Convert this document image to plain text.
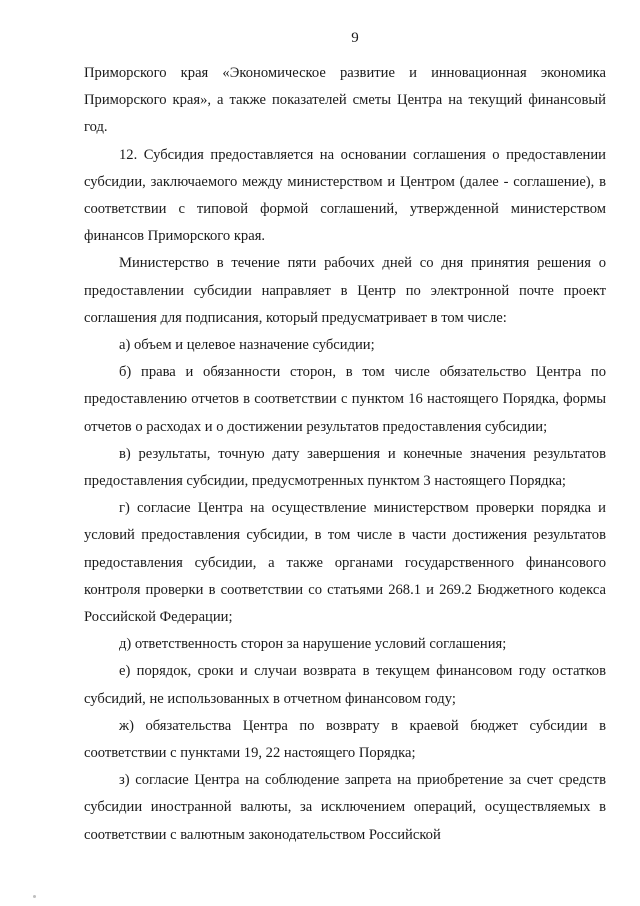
9

Приморского края «Экономическое развитие и инновационная экономика Приморского края», а также показателей сметы Центра на текущий финансовый год.

12. Субсидия предоставляется на основании соглашения о предоставлении субсидии, заключаемого между министерством и Центром (далее - соглашение), в соответствии с типовой формой соглашений, утвержденной министерством финансов Приморского края.

Министерство в течение пяти рабочих дней со дня принятия решения о предоставлении субсидии направляет в Центр по электронной почте проект соглашения для подписания, который предусматривает в том числе:

а) объем и целевое назначение субсидии;

б) права и обязанности сторон, в том числе обязательство Центра по предоставлению отчетов в соответствии с пунктом 16 настоящего Порядка, формы отчетов о расходах и о достижении результатов предоставления субсидии;

в) результаты, точную дату завершения и конечные значения результатов предоставления субсидии, предусмотренных пунктом 3 настоящего Порядка;

г) согласие Центра на осуществление министерством проверки порядка и условий предоставления субсидии, в том числе в части достижения результатов предоставления субсидии, а также органами государственного финансового контроля проверки в соответствии со статьями 268.1 и 269.2 Бюджетного кодекса Российской Федерации;

д) ответственность сторон за нарушение условий соглашения;

е) порядок, сроки и случаи возврата в текущем финансовом году остатков субсидий, не использованных в отчетном финансовом году;

ж) обязательства Центра по возврату в краевой бюджет субсидии в соответствии с пунктами 19, 22 настоящего Порядка;

з) согласие Центра на соблюдение запрета на приобретение за счет средств субсидии иностранной валюты, за исключением операций, осуществляемых в соответствии с валютным законодательством Российской
